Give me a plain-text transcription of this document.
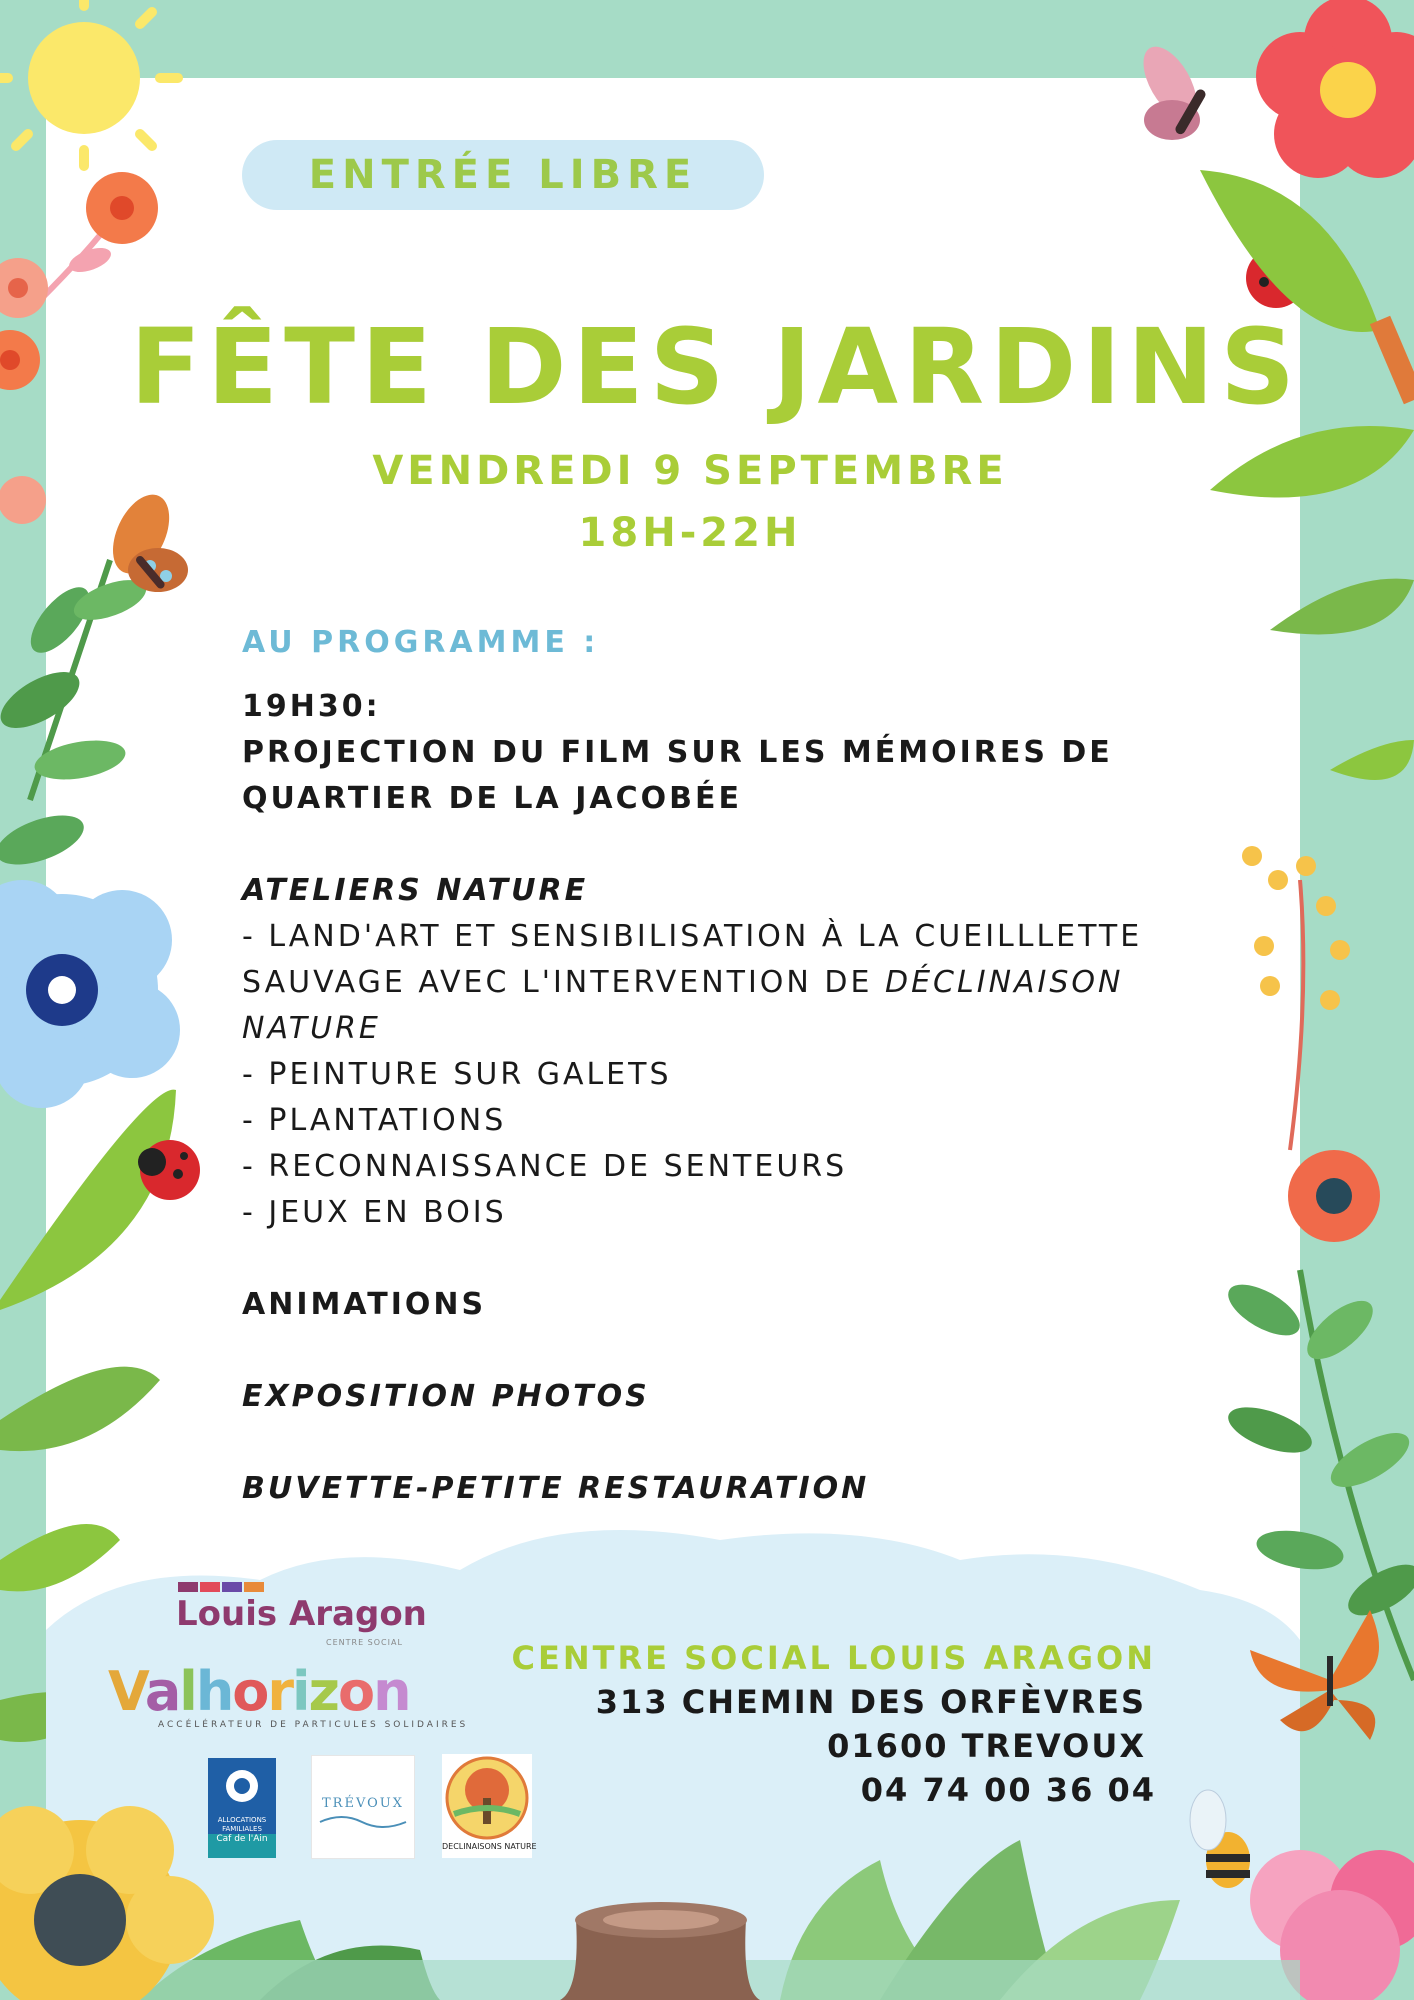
ENTRÉE LIBRE
FÊTE DES JARDINS
VENDREDI 9 SEPTEMBRE
18H-22H
AU PROGRAMME :
19H30:
PROJECTION DU FILM SUR LES MÉMOIRES DE
QUARTIER DE LA JACOBÉE
ATELIERS NATURE
- LAND'ART ET SENSIBILISATION À LA CUEILLLETTE
SAUVAGE AVEC L'INTERVENTION DE DÉCLINAISON
NATURE
- PEINTURE SUR GALETS
- PLANTATIONS
- RECONNAISSANCE DE SENTEURS
- JEUX EN BOIS
ANIMATIONS
EXPOSITION PHOTOS
BUVETTE-PETITE RESTAURATION
Louis Aragon
CENTRE SOCIAL
Valhorizon
ACCÉLÉRATEUR DE PARTICULES SOLIDAIRES
ALLOCATIONS FAMILIALES
Caf de l'Ain
TRÉVOUX
DECLINAISONS NATURE
CENTRE SOCIAL LOUIS ARAGON
313 CHEMIN DES ORFÈVRES
01600 TREVOUX
04 74 00 36 04
